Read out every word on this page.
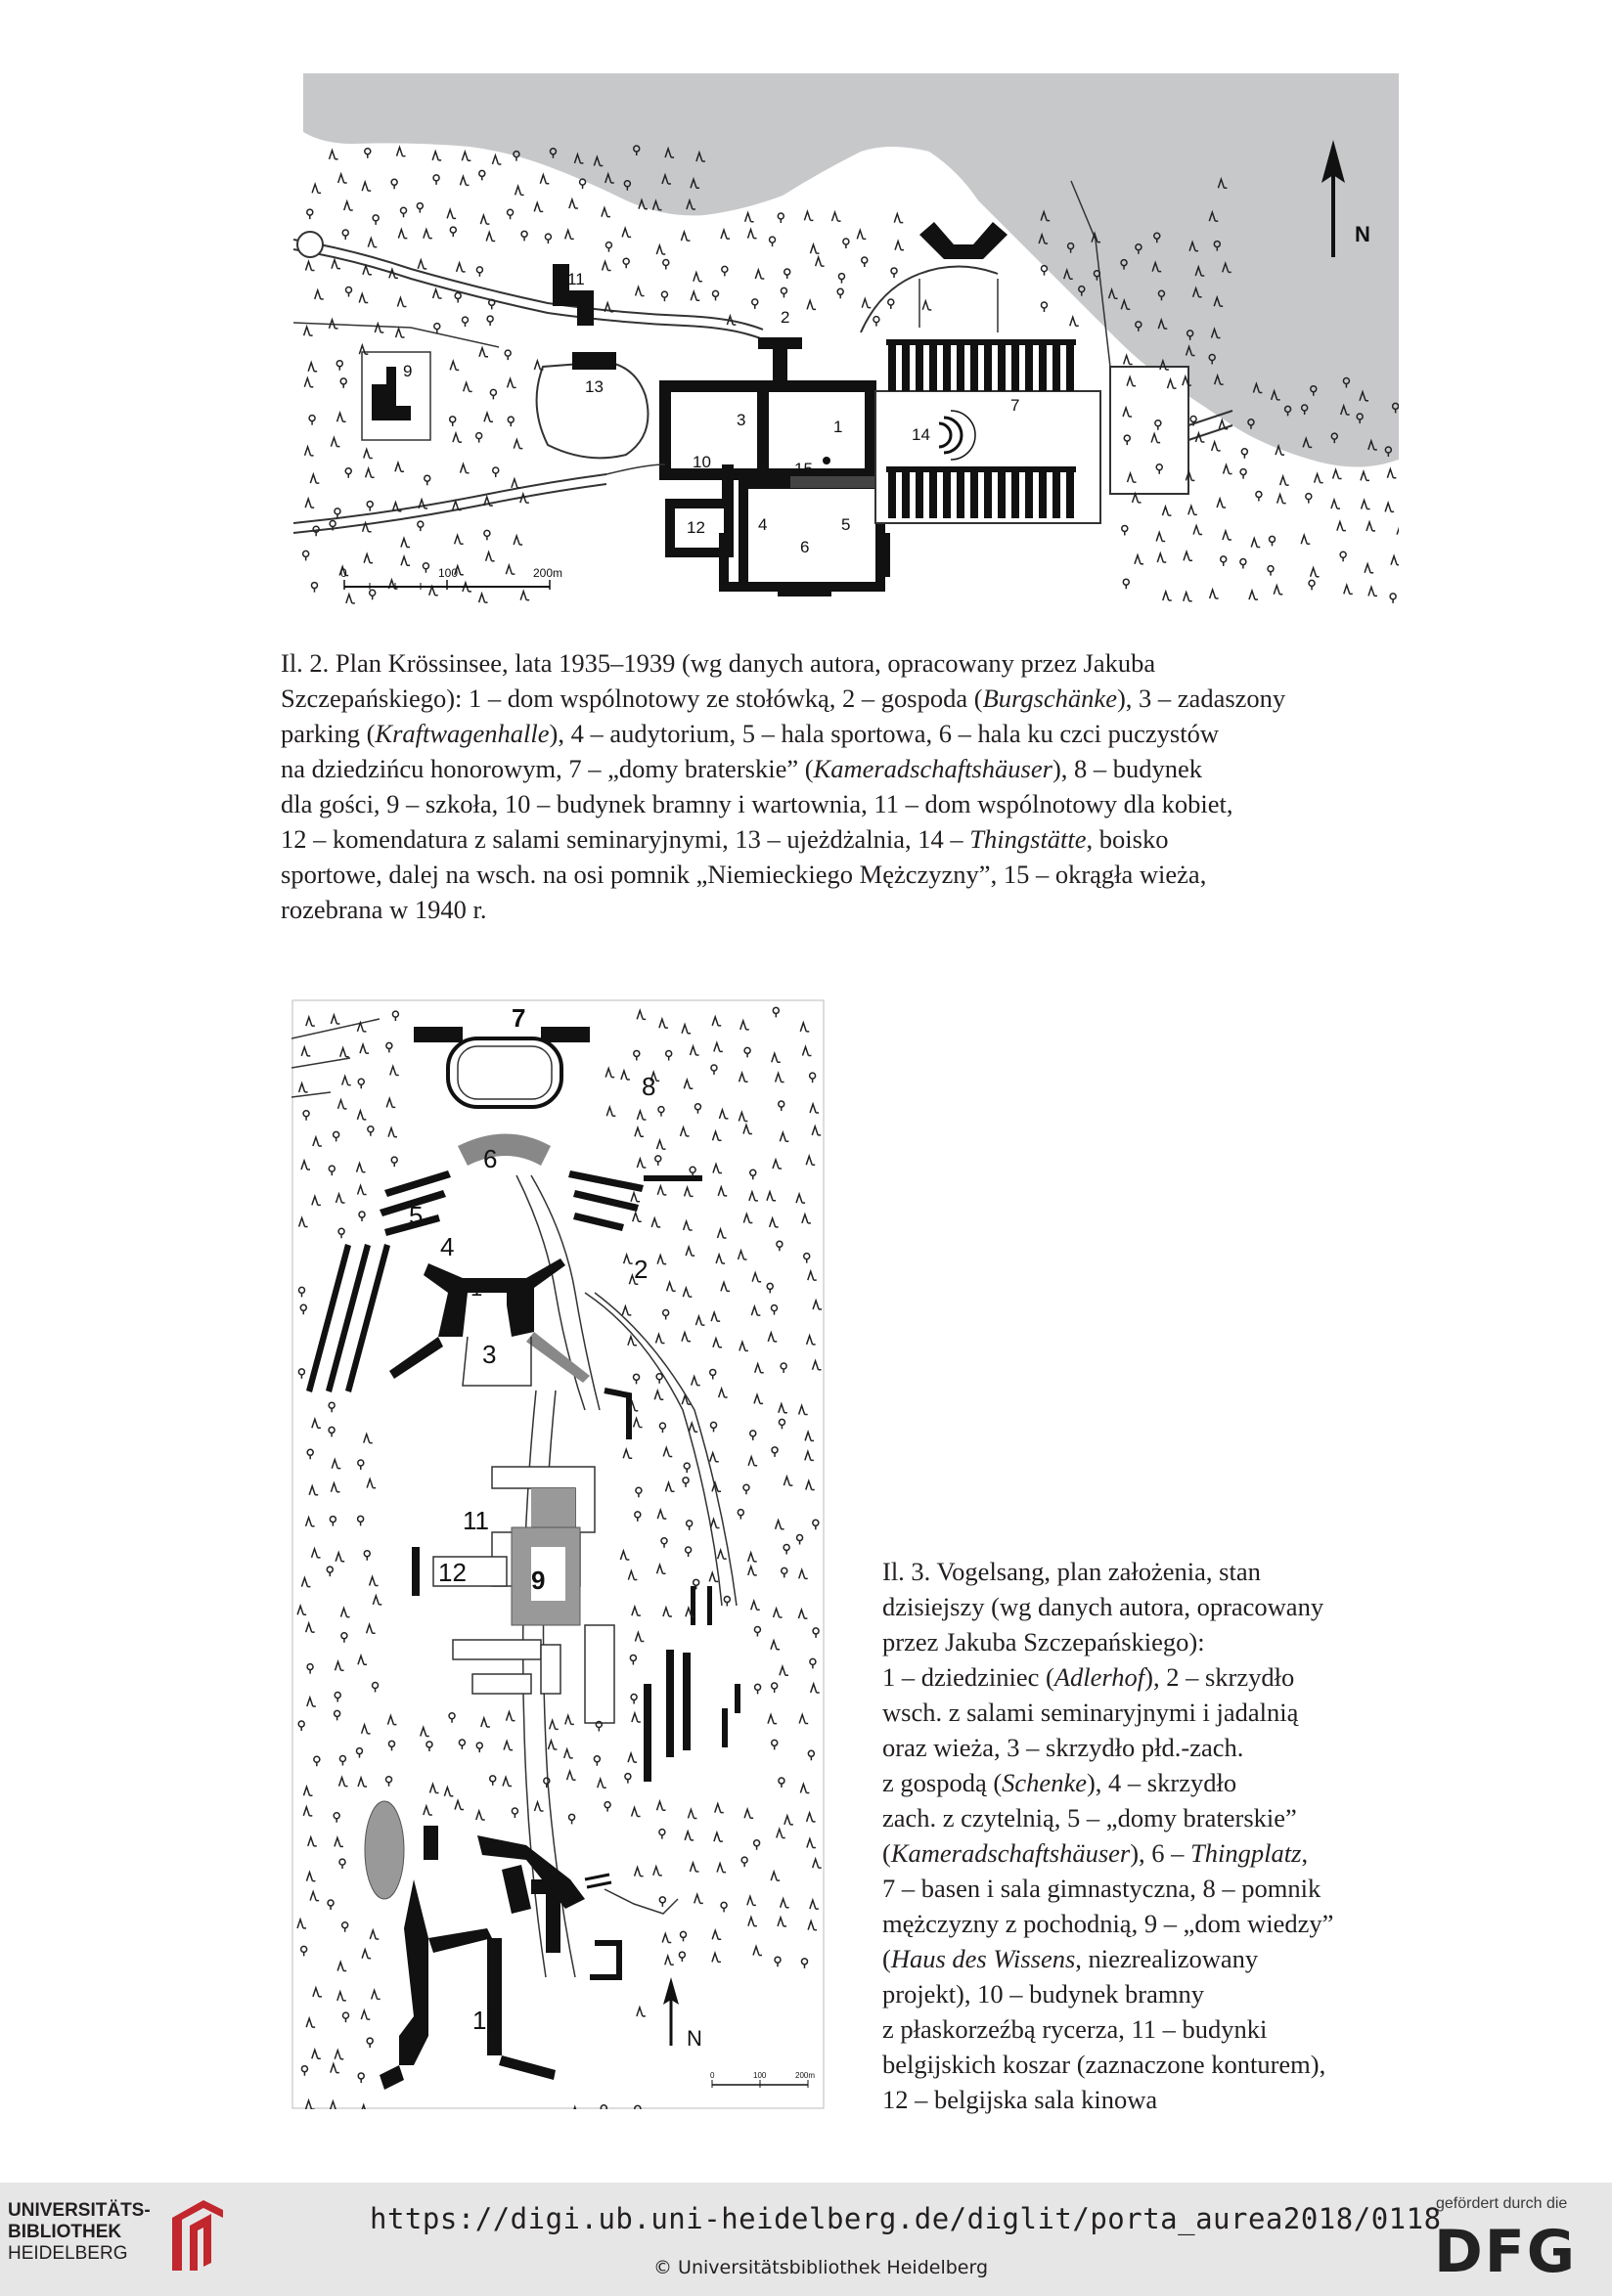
N
0	100	200m
1
2
3
4	5
6
7
8
9
10
11
12
13
14
15

Il. 2. Plan Krössinsee, lata 1935–1939 (wg danych autora, opracowany przez Jakuba

Szczepańskiego): 1 – dom wspólnotowy ze stołówką, 2 – gospoda (Burgschänke), 3 – zadaszony

parking (Kraftwagenhalle), 4 – audytorium, 5 – hala sportowa, 6 – hala ku czci puczystów

na dziedzińcu honorowym, 7 – „domy braterskie” (Kameradschaftshäuser), 8 – budynek

dla gości, 9 – szkoła, 10 – budynek bramny i wartownia, 11 – dom wspólnotowy dla kobiet,

12 – komendatura z salami seminaryjnymi, 13 – ujeżdżalnia, 14 – Thingstätte, boisko

sportowe, dalej na wsch. na osi pomnik „Niemieckiego Mężczyzny”, 15 – okrągła wieża,

rozebrana w 1940 r.

N
0	100	200m
1
2
3
4
5
6
7
8
9
10
11
12	Il. 3. Vogelsang, plan założenia, stan

dzisiejszy (wg danych autora, opracowany

przez Jakuba Szczepańskiego):

1 – dziedziniec (Adlerhof), 2 – skrzydło

wsch. z salami seminaryjnymi i jadalnią

oraz wieża, 3 – skrzydło płd.-zach.

z gospodą (Schenke), 4 – skrzydło

zach. z czytelnią, 5 – „domy braterskie”

(Kameradschaftshäuser), 6 – Thingplatz,

7 – basen i sala gimnastyczna, 8 – pomnik

mężczyzny z pochodnią, 9 – „dom wiedzy”

(Haus des Wissens, niezrealizowany

projekt), 10 – budynek bramny

z płaskorzeźbą rycerza, 11 – budynki

belgijskich koszar (zaznaczone konturem),

12 – belgijska sala kinowa

UNIVERSITÄTS-
BIBLIOTHEK
HEIDELBERG
https://digi.ub.uni-heidelberg.de/diglit/porta_aurea2018/0118
© Universitätsbibliothek Heidelberg
gefördert durch die
DFG
